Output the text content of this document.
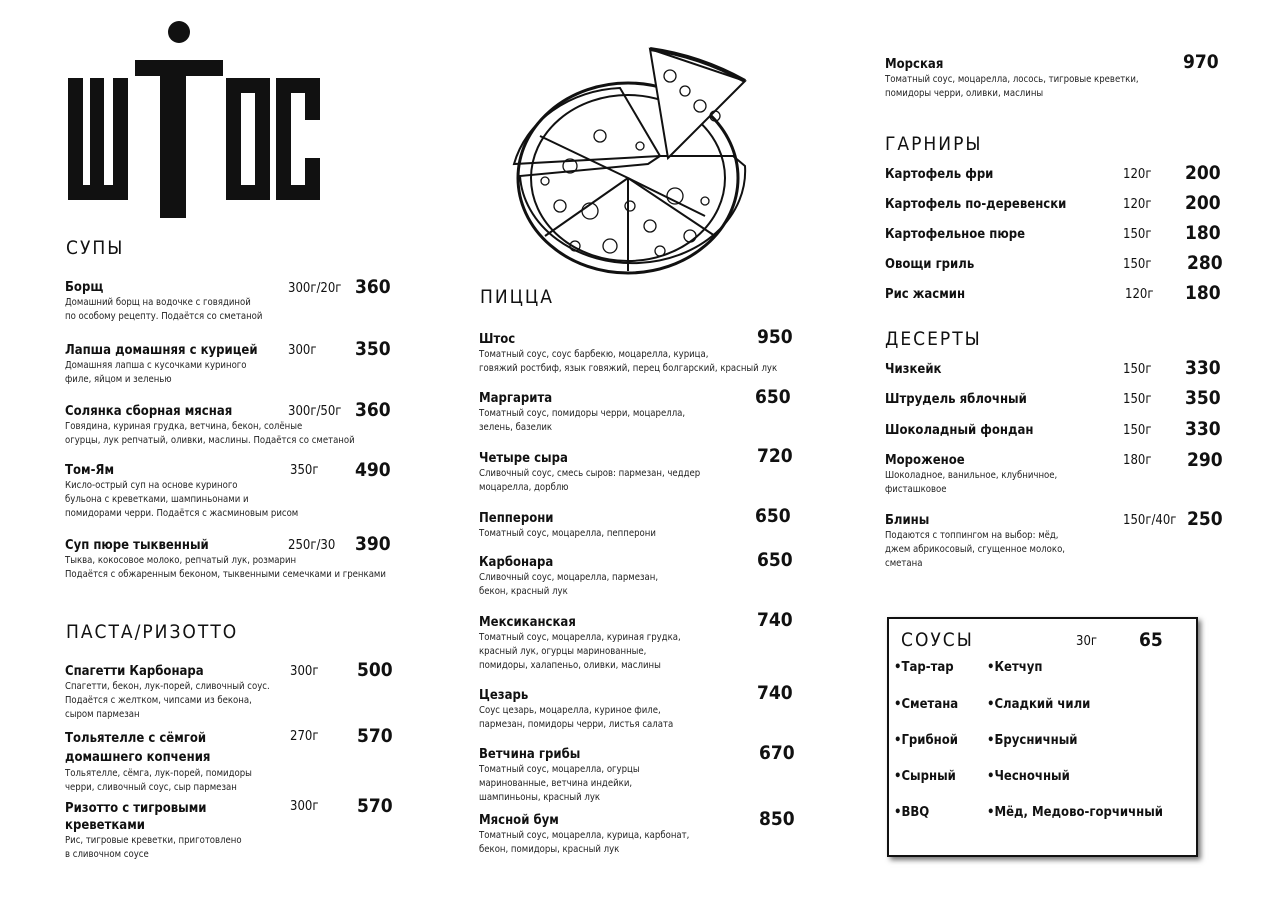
СУПЫ
Борщ
Домашний борщ на водочке с говядиной
по особому рецепту. Подаётся со сметаной
300г/20г 360
Лапша домашняя с курицей
Домашняя лапша с кусочками куриного
филе, яйцом и зеленью
300г 350
Солянка сборная мясная
Говядина, куриная грудка, ветчина, бекон, солёные
огурцы, лук репчатый, оливки, маслины. Подаётся со сметаной
300г/50г 360
Том-Ям
Кисло-острый суп на основе куриного
бульона с креветками, шампиньонами и
помидорами черри. Подаётся с жасминовым рисом
350г 490
Суп пюре тыквенный
Тыква, кокосовое молоко, репчатый лук, розмарин
Подаётся с обжаренным беконом, тыквенными семечками и гренками
250г/30 390
ПАСТА/РИЗОТТО
Спагетти Карбонара
Спагетти, бекон, лук-порей, сливочный соус.
Подаётся с желтком, чипсами из бекона,
сыром пармезан
300г 500
Тольятелле с сёмгой
домашнего копчения
Тольятелле, сёмга, лук-порей, помидоры
черри, сливочный соус, сыр пармезан
270г 570
Ризотто с тигровыми
креветками
Рис, тигровые креветки, приготовлено
в сливочном соусе
300г 570
ПИЦЦА
Штос
Томатный соус, соус барбекю, моцарелла, курица,
говяжий ростбиф, язык говяжий, перец болгарский, красный лук
950
Маргарита
Томатный соус, помидоры черри, моцарелла,
зелень, базелик
650
Четыре сыра
Сливочный соус, смесь сыров: пармезан, чеддер
моцарелла, дорблю
720
Пепперони
Томатный соус, моцарелла, пепперони
650
Карбонара
Сливочный соус, моцарелла, пармезан,
бекон, красный лук
650
Мексиканская
Томатный соус, моцарелла, куриная грудка,
красный лук, огурцы маринованные,
помидоры, халапеньо, оливки, маслины
740
Цезарь
Соус цезарь, моцарелла, куриное филе,
пармезан, помидоры черри, листья салата
740
Ветчина грибы
Томатный соус, моцарелла, огурцы
маринованные, ветчина индейки,
шампиньоны, красный лук
670
Мясной бум
Томатный соус, моцарелла, курица, карбонат,
бекон, помидоры, красный лук
850
Морская
Томатный соус, моцарелла, лосось, тигровые креветки,
помидоры черри, оливки, маслины
970
ГАРНИРЫ
Картофель фри	120г 200
Картофель по-деревенски	120г 200
Картофельное пюре	150г 180
Овощи гриль	150г 280
Рис жасмин	120г 180
ДЕСЕРТЫ
Чизкейк	150г 330
Штрудель яблочный	150г 350
Шоколадный фондан	150г 330
Мороженое
Шоколадное, ванильное, клубничное,
фисташковое
180г 290
Блины
Подаются с топпингом на выбор: мёд,
джем абрикосовый, сгущенное молоко,
сметана
150г/40г 250
СОУСЫ	30г 65
•Тар-тар
•Сметана
•Грибной
•Сырный
•BBQ
•Кетчуп
•Сладкий чили
•Брусничный
•Чесночный
•Мёд, Медово-горчичный
